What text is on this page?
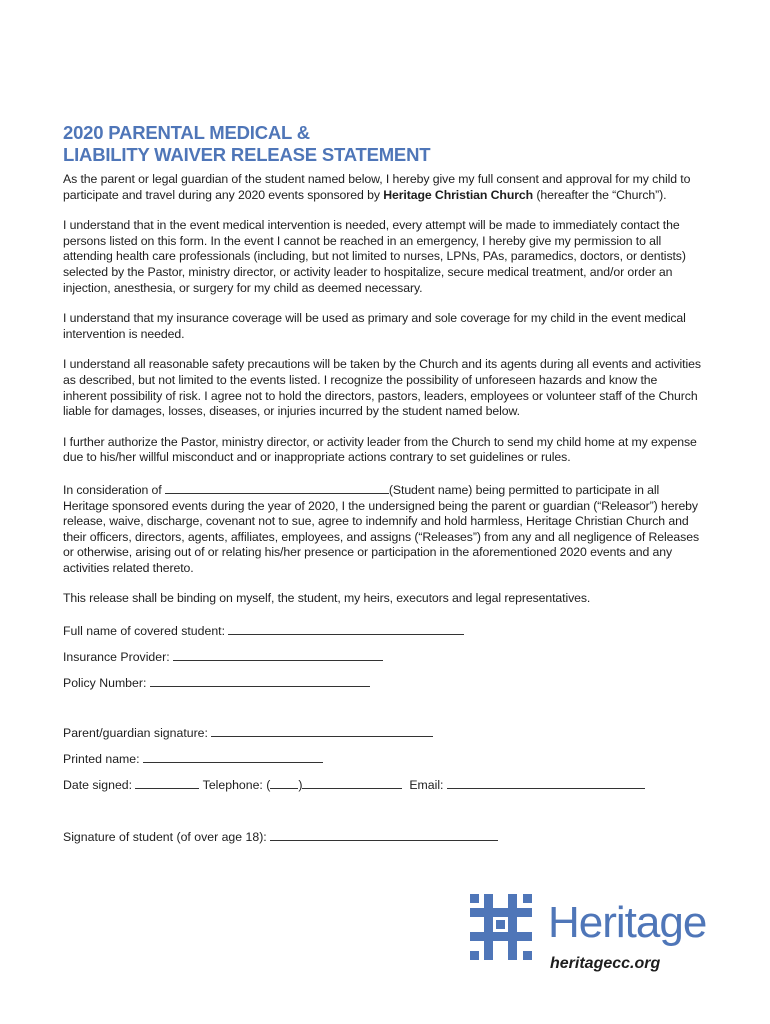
2020 PARENTAL MEDICAL &
LIABILITY WAIVER RELEASE STATEMENT

As the parent or legal guardian of the student named below, I hereby give my full consent and approval for my child to participate and travel during any 2020 events sponsored by Heritage Christian Church (hereafter the “Church”).

I understand that in the event medical intervention is needed, every attempt will be made to immediately contact the persons listed on this form. In the event I cannot be reached in an emergency, I hereby give my permission to all attending health care professionals (including, but not limited to nurses, LPNs, PAs, paramedics, doctors, or dentists) selected by the Pastor, ministry director, or activity leader to hospitalize, secure medical treatment, and/or order an injection, anesthesia, or surgery for my child as deemed necessary.

I understand that my insurance coverage will be used as primary and sole coverage for my child in the event medical intervention is needed.

I understand all reasonable safety precautions will be taken by the Church and its agents during all events and activities as described, but not limited to the events listed. I recognize the possibility of unforeseen hazards and know the inherent possibility of risk. I agree not to hold the directors, pastors, leaders, employees or volunteer staff of the Church liable for damages, losses, diseases, or injuries incurred by the student named below.

I further authorize the Pastor, ministry director, or activity leader from the Church to send my child home at my expense due to his/her willful misconduct and or inappropriate actions contrary to set guidelines or rules.

In consideration of	(Student name) being permitted to participate in all Heritage sponsored events during the year of 2020, I the undersigned being the parent or guardian (“Releasor”) hereby release, waive, discharge, covenant not to sue, agree to indemnify and hold harmless, Heritage Christian Church and their officers, directors, agents, affiliates, employees, and assigns (“Releases”) from any and all negligence of Releases or otherwise, arising out of or relating his/her presence or participation in the aforementioned 2020 events and any activities related thereto.

This release shall be binding on myself, the student, my heirs, executors and legal representatives.

Full name of covered student:
Insurance Provider:
Policy Number:
Parent/guardian signature:
Printed name:
Date signed:	Telephone: ( )	Email:
Signature of student (of over age 18):
Heritage
heritagecc.org
